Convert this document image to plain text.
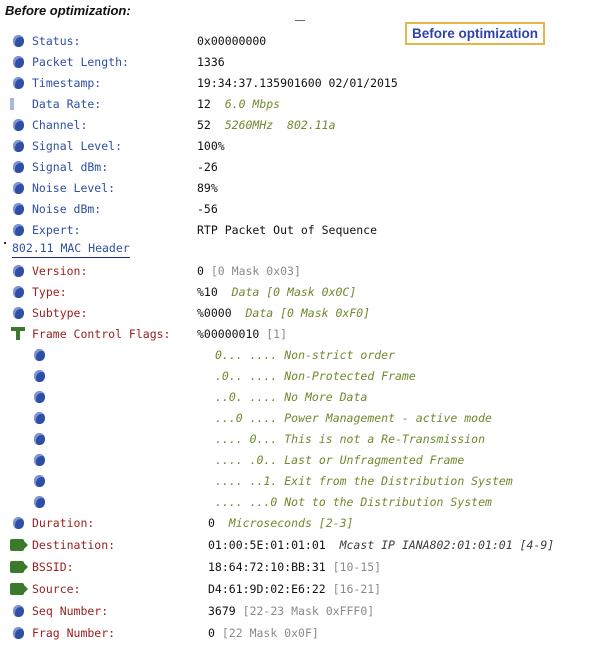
Before optimization:
Before optimization
Status:	0x00000000
Packet Length:	1336
Timestamp:	19:34:37.135901600 02/01/2015
Data Rate:	12 6.0 Mbps
Channel:	52 5260MHz  802.11a
Signal Level:	100%
Signal dBm:	-26
Noise Level:	89%
Noise dBm:	-56
Expert:	RTP Packet Out of Sequence
802.11 MAC Header
Version:	0 [0 Mask 0x03]
Type:	%10 Data [0 Mask 0x0C]
Subtype:	%0000 Data [0 Mask 0xF0]
Frame Control Flags: %00000010 [1]
0... .... Non-strict order
.0.. .... Non-Protected Frame
..0. .... No More Data
...0 .... Power Management - active mode
.... 0... This is not a Re-Transmission
.... .0.. Last or Unfragmented Frame
.... ..1. Exit from the Distribution System
.... ...0 Not to the Distribution System
Duration:	0 Microseconds [2-3]
Destination:	01:00:5E:01:01:01 Mcast IP IANA802:01:01:01 [4-9]
BSSID:	18:64:72:10:BB:31 [10-15]
Source:	D4:61:9D:02:E6:22 [16-21]
Seq Number:	3679 [22-23 Mask 0xFFF0]
Frag Number:	0 [22 Mask 0x0F]
